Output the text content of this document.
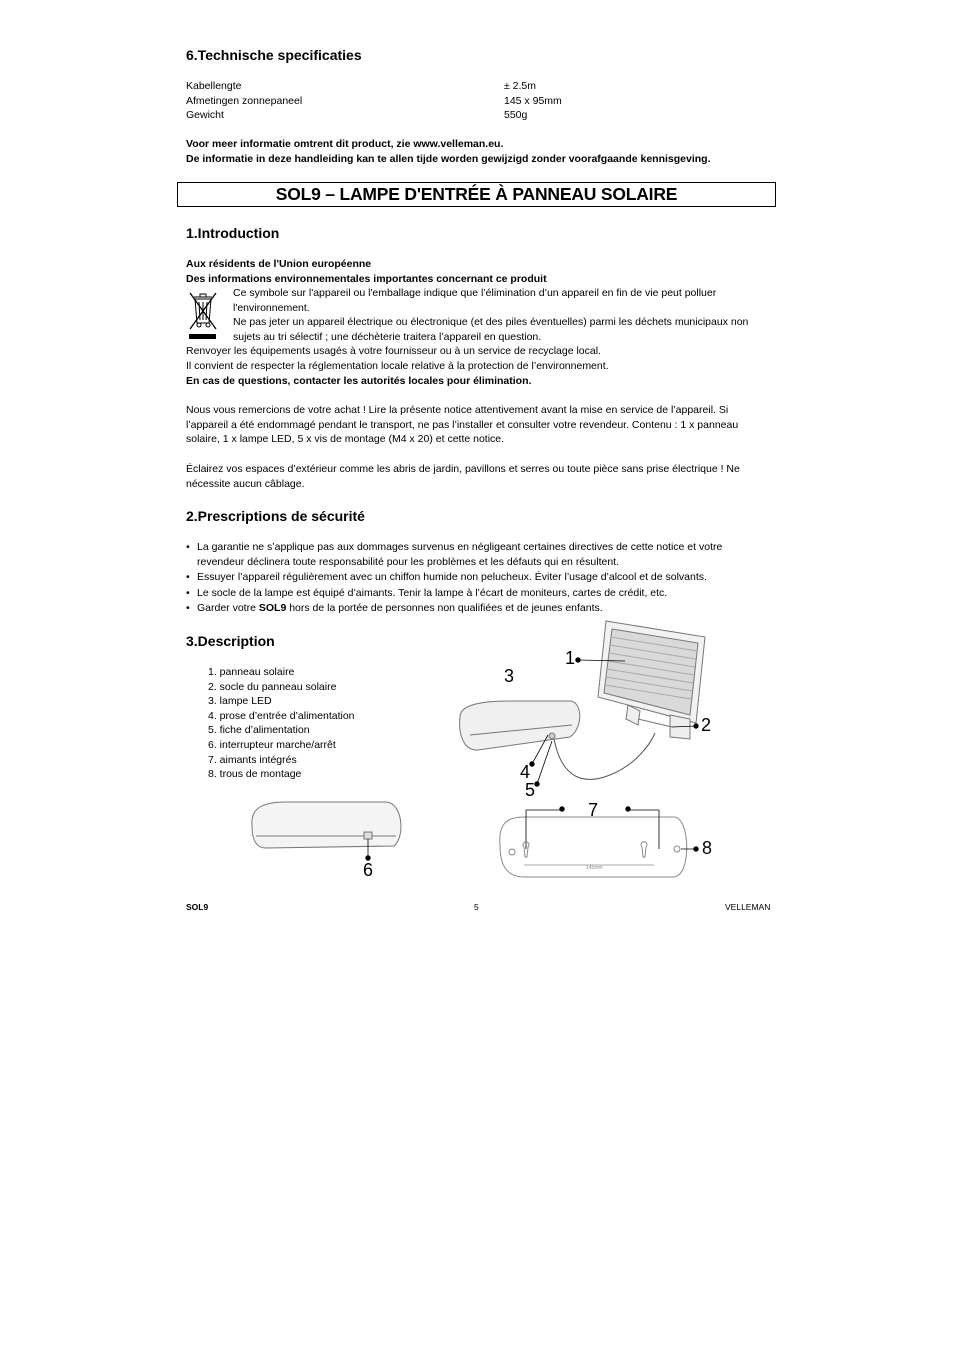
6.Technische specificaties
Kabellengte	± 2.5m
Afmetingen zonnepaneel	145 x 95mm
Gewicht	550g
Voor meer informatie omtrent dit product, zie www.velleman.eu.
De informatie in deze handleiding kan te allen tijde worden gewijzigd zonder voorafgaande kennisgeving.
SOL9 – LAMPE D'ENTRÉE À PANNEAU SOLAIRE
1.Introduction
Aux résidents de l'Union européenne
Des informations environnementales importantes concernant ce produit
Ce symbole sur l'appareil ou l'emballage indique que l’élimination d’un appareil en fin de vie peut polluer
l'environnement.
Ne pas jeter un appareil électrique ou électronique (et des piles éventuelles) parmi les déchets municipaux non
sujets au tri sélectif ; une déchèterie traitera l’appareil en question.
Renvoyer les équipements usagés à votre fournisseur ou à un service de recyclage local.
Il convient de respecter la réglementation locale relative à la protection de l’environnement.
En cas de questions, contacter les autorités locales pour élimination.
Nous vous remercions de votre achat ! Lire la présente notice attentivement avant la mise en service de l’appareil. Si
l’appareil a été endommagé pendant le transport, ne pas l’installer et consulter votre revendeur. Contenu : 1 x panneau
solaire, 1 x lampe LED, 5 x vis de montage (M4 x 20) et cette notice.
Éclairez vos espaces d’extérieur comme les abris de jardin, pavillons et serres ou toute pièce sans prise électrique ! Ne
nécessite aucun câblage.
2.Prescriptions de sécurité
• La garantie ne s’applique pas aux dommages survenus en négligeant certaines directives de cette notice et votre
revendeur déclinera toute responsabilité pour les problèmes et les défauts qui en résultent.
• Essuyer l’appareil régulièrement avec un chiffon humide non pelucheux. Éviter l’usage d’alcool et de solvants.
• Le socle de la lampe est équipé d’aimants. Tenir la lampe à l’écart de moniteurs, cartes de crédit, etc.
• Garder votre SOL9 hors de la portée de personnes non qualifiées et de jeunes enfants.
3.Description
1. panneau solaire
2. socle du panneau solaire
3. lampe LED
4. prose d’entrée d’alimentation
5. fiche d’alimentation
6. interrupteur marche/arrêt
7. aimants intégrés
8. trous de montage
1
2
3
4
5
6
7
8
145mm
SOL9	5	VELLEMAN
